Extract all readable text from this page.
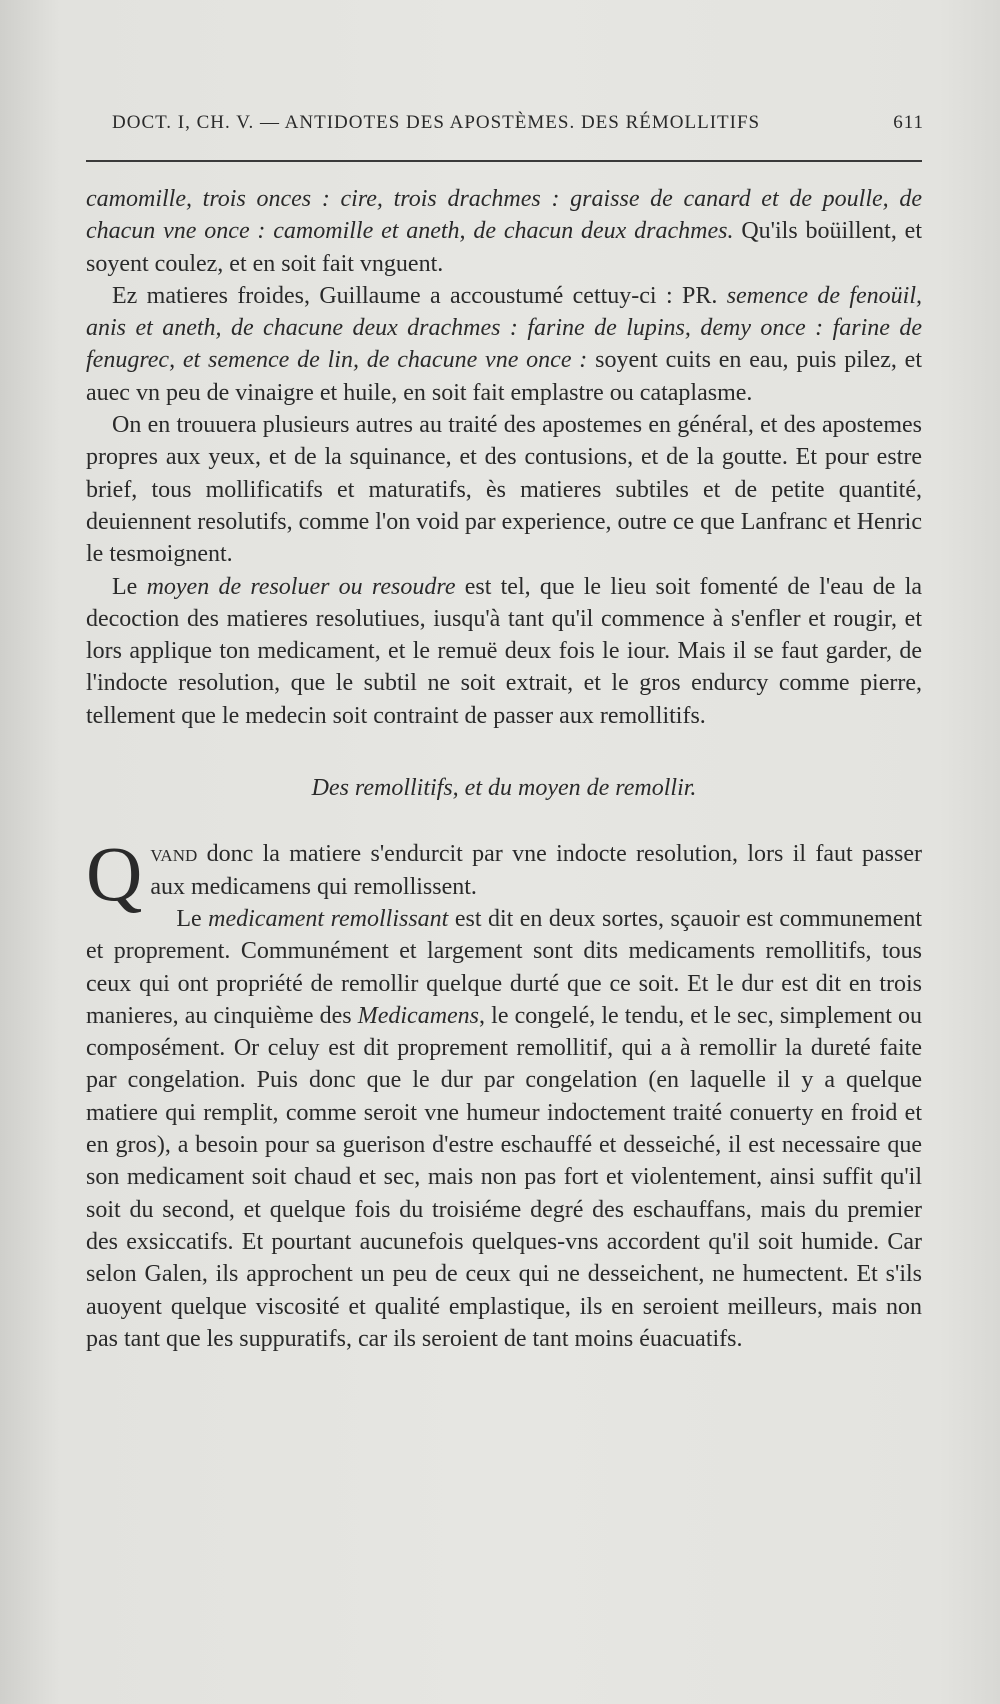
DOCT. I, CH. V. — ANTIDOTES DES APOSTÈMES. DES RÉMOLLITIFS	611

camomille, trois onces : cire, trois drachmes : graisse de canard et de poulle, de chacun vne once : camomille et aneth, de chacun deux drachmes. Qu'ils boüillent, et soyent coulez, et en soit fait vnguent.

Ez matieres froides, Guillaume a accoustumé cettuy-ci : PR. semence de fenoüil, anis et aneth, de chacune deux drachmes : farine de lupins, demy once : farine de fenugrec, et semence de lin, de chacune vne once : soyent cuits en eau, puis pilez, et auec vn peu de vinaigre et huile, en soit fait emplastre ou cataplasme.

On en trouuera plusieurs autres au traité des apostemes en général, et des apostemes propres aux yeux, et de la squinance, et des contusions, et de la goutte. Et pour estre brief, tous mollificatifs et maturatifs, ès matieres subtiles et de petite quantité, deuiennent resolutifs, comme l'on void par experience, outre ce que Lanfranc et Henric le tesmoignent.

Le moyen de resoluer ou resoudre est tel, que le lieu soit fomenté de l'eau de la decoction des matieres resolutiues, iusqu'à tant qu'il commence à s'enfler et rougir, et lors applique ton medicament, et le remuë deux fois le iour. Mais il se faut garder, de l'indocte resolution, que le subtil ne soit extrait, et le gros endurcy comme pierre, tellement que le medecin soit contraint de passer aux remollitifs.

Des remollitifs, et du moyen de remollir.

Qvand donc la matiere s'endurcit par vne indocte resolution, lors il faut passer aux medicamens qui remollissent.

Le medicament remollissant est dit en deux sortes, sçauoir est communement et proprement. Communément et largement sont dits medicaments remollitifs, tous ceux qui ont propriété de remollir quelque durté que ce soit. Et le dur est dit en trois manieres, au cinquième des Medicamens, le congelé, le tendu, et le sec, simplement ou composément. Or celuy est dit proprement remollitif, qui a à remollir la dureté faite par congelation. Puis donc que le dur par congelation (en laquelle il y a quelque matiere qui remplit, comme seroit vne humeur indoctement traité conuerty en froid et en gros), a besoin pour sa guerison d'estre eschauffé et desseiché, il est necessaire que son medicament soit chaud et sec, mais non pas fort et violentement, ainsi suffit qu'il soit du second, et quelque fois du troisiéme degré des eschauffans, mais du premier des exsiccatifs. Et pourtant aucunefois quelques-vns accordent qu'il soit humide. Car selon Galen, ils approchent un peu de ceux qui ne desseichent, ne humectent. Et s'ils auoyent quelque viscosité et qualité emplastique, ils en seroient meilleurs, mais non pas tant que les suppuratifs, car ils seroient de tant moins éuacuatifs.
